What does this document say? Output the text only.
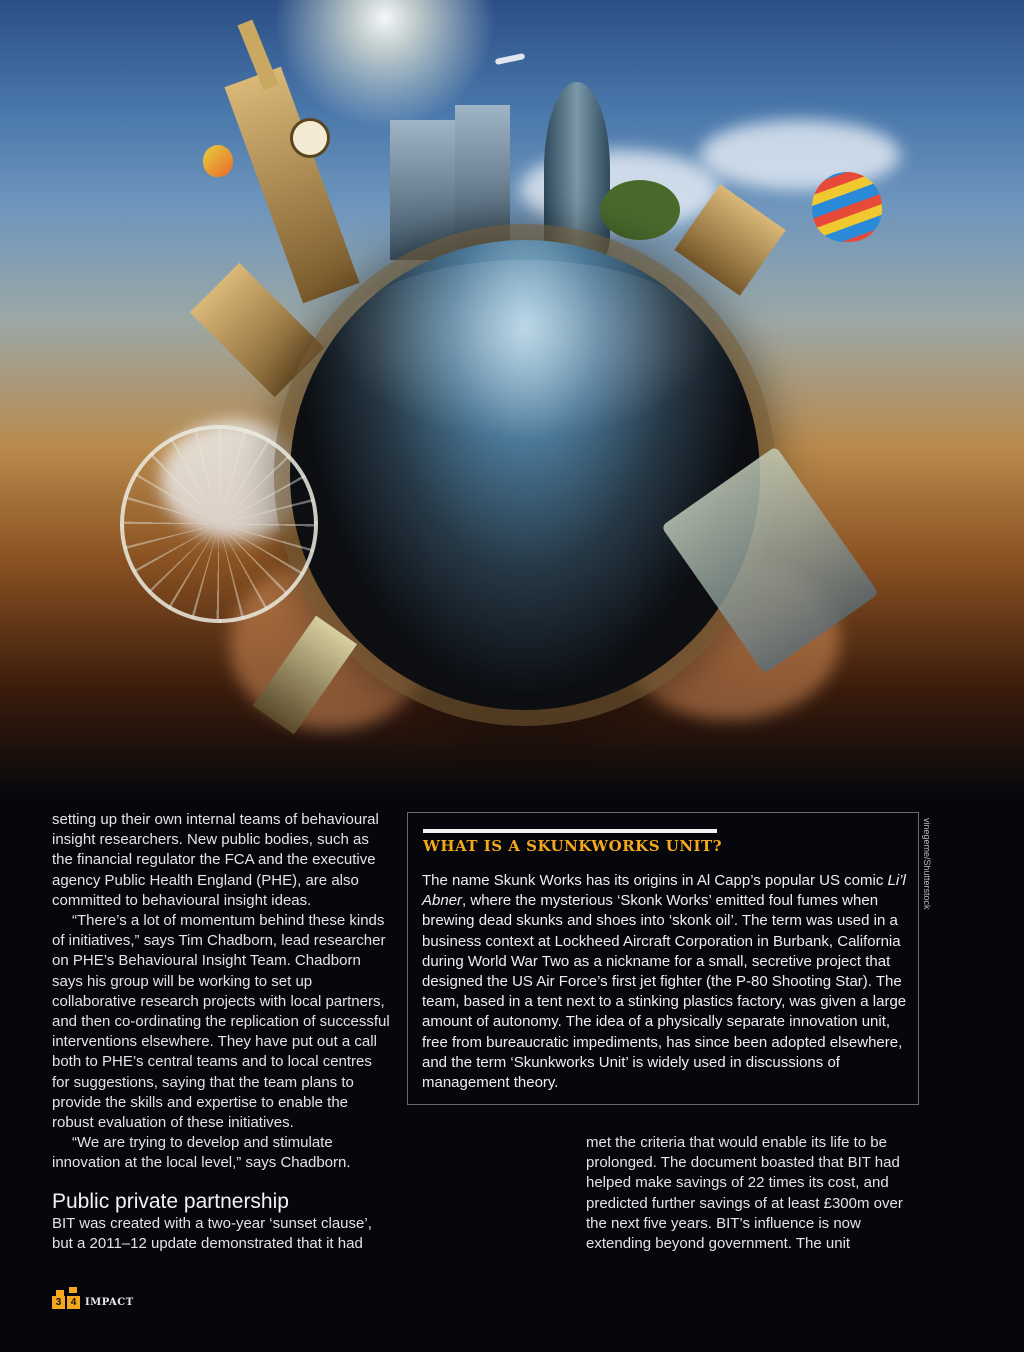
vinegeme/Shutterstock

setting up their own internal teams of behavioural insight researchers. New public bodies, such as the financial regulator the FCA and the executive agency Public Health England (PHE), are also committed to behavioural insight ideas.

“There’s a lot of momentum behind these kinds of initiatives,” says Tim Chadborn, lead researcher on PHE’s Behavioural Insight Team. Chadborn says his group will be working to set up collaborative research projects with local partners, and then co-ordinating the replication of successful interventions elsewhere. They have put out a call both to PHE’s central teams and to local centres for suggestions, saying that the team plans to provide the skills and expertise to enable the robust evaluation of these initiatives.

“We are trying to develop and stimulate innovation at the local level,” says Chadborn.

Public private partnership

BIT was created with a two-year ‘sunset clause’, but a 2011–12 update demonstrated that it had

WHAT IS A SKUNKWORKS UNIT?

The name Skunk Works has its origins in Al Capp’s popular US comic Li’l Abner, where the mysterious ‘Skonk Works’ emitted foul fumes when brewing dead skunks and shoes into ‘skonk oil’. The term was used in a business context at Lockheed Aircraft Corporation in Burbank, California during World War Two as a nickname for a small, secretive project that designed the US Air Force’s first jet fighter (the P-80 Shooting Star). The team, based in a tent next to a stinking plastics factory, was given a large amount of autonomy. The idea of a physically separate innovation unit, free from bureaucratic impediments, has since been adopted elsewhere, and the term ‘Skunkworks Unit’ is widely used in discussions of management theory.

met the criteria that would enable its life to be prolonged. The document boasted that BIT had helped make savings of 22 times its cost, and predicted further savings of at least £300m over the next five years. BIT’s influence is now extending beyond government. The unit

3 4 IMPACT
